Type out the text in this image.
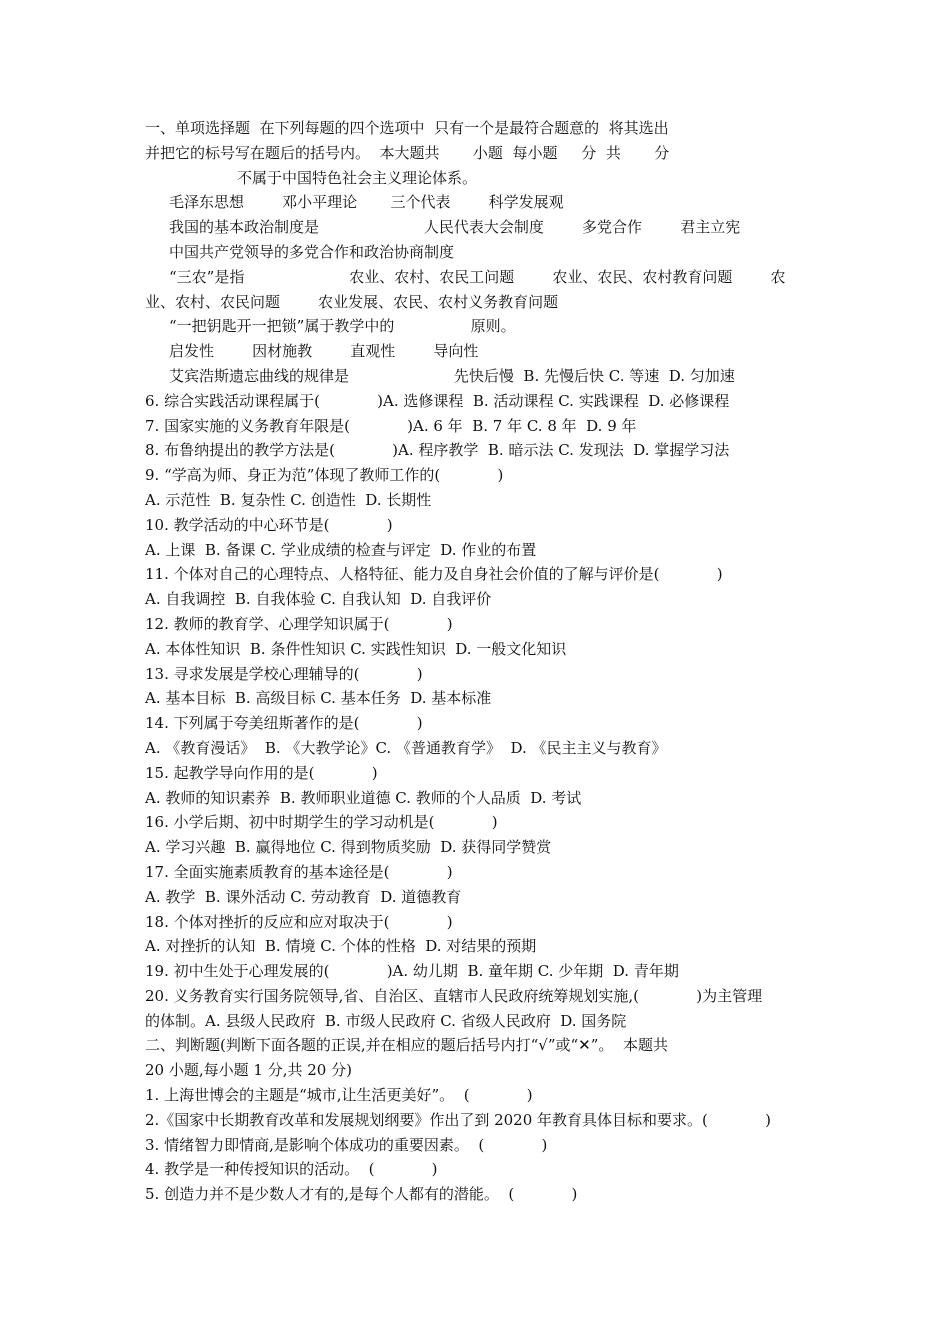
一、单项选择题  在下列每题的四个选项中  只有一个是最符合题意的  将其选出
并把它的标号写在题后的括号内。  本大题共       小题  每小题     分  共       分
不属于中国特色社会主义理论体系。
毛泽东思想        邓小平理论       三个代表        科学发展观
我国的基本政治制度是                      人民代表大会制度        多党合作        君主立宪
中国共产党领导的多党合作和政治协商制度
“三农”是指                      农业、农村、农民工问题        农业、农民、农村教育问题        农
业、农村、农民问题        农业发展、农民、农村义务教育问题
“一把钥匙开一把锁”属于教学中的                原则。
启发性        因材施教        直观性        导向性
艾宾浩斯遗忘曲线的规律是                      先快后慢  B. 先慢后快 C. 等速  D. 匀加速
6. 综合实践活动课程属于(            )A. 选修课程  B. 活动课程 C. 实践课程  D. 必修课程
7. 国家实施的义务教育年限是(            )A. 6 年  B. 7 年 C. 8 年  D. 9 年
8. 布鲁纳提出的教学方法是(            )A. 程序教学  B. 暗示法 C. 发现法  D. 掌握学习法
9. “学高为师、身正为范”体现了教师工作的(            )
A. 示范性  B. 复杂性 C. 创造性  D. 长期性
10. 教学活动的中心环节是(            )
A. 上课  B. 备课 C. 学业成绩的检查与评定  D. 作业的布置
11. 个体对自己的心理特点、人格特征、能力及自身社会价值的了解与评价是(            )
A. 自我调控  B. 自我体验 C. 自我认知  D. 自我评价
12. 教师的教育学、心理学知识属于(            )
A. 本体性知识  B. 条件性知识 C. 实践性知识  D. 一般文化知识
13. 寻求发展是学校心理辅导的(            )
A. 基本目标  B. 高级目标 C. 基本任务  D. 基本标准
14. 下列属于夸美纽斯著作的是(            )
A. 《教育漫话》  B. 《大教学论》C. 《普通教育学》  D. 《民主主义与教育》
15. 起教学导向作用的是(            )
A. 教师的知识素养  B. 教师职业道德 C. 教师的个人品质  D. 考试
16. 小学后期、初中时期学生的学习动机是(            )
A. 学习兴趣  B. 赢得地位 C. 得到物质奖励  D. 获得同学赞赏
17. 全面实施素质教育的基本途径是(            )
A. 教学  B. 课外活动 C. 劳动教育  D. 道德教育
18. 个体对挫折的反应和应对取决于(            )
A. 对挫折的认知  B. 情境 C. 个体的性格  D. 对结果的预期
19. 初中生处于心理发展的(            )A. 幼儿期  B. 童年期 C. 少年期  D. 青年期
20. 义务教育实行国务院领导,省、自治区、直辖市人民政府统筹规划实施,(            )为主管理
的体制。A. 县级人民政府  B. 市级人民政府 C. 省级人民政府  D. 国务院
二、判断题(判断下面各题的正误,并在相应的题后括号内打“√”或“✕”。  本题共
20 小题,每小题 1 分,共 20 分)
1. 上海世博会的主题是“城市,让生活更美好”。  (            )
2.《国家中长期教育改革和发展规划纲要》作出了到 2020 年教育具体目标和要求。(            )
3. 情绪智力即情商,是影响个体成功的重要因素。  (            )
4. 教学是一种传授知识的活动。  (            )
5. 创造力并不是少数人才有的,是每个人都有的潜能。  (            )
